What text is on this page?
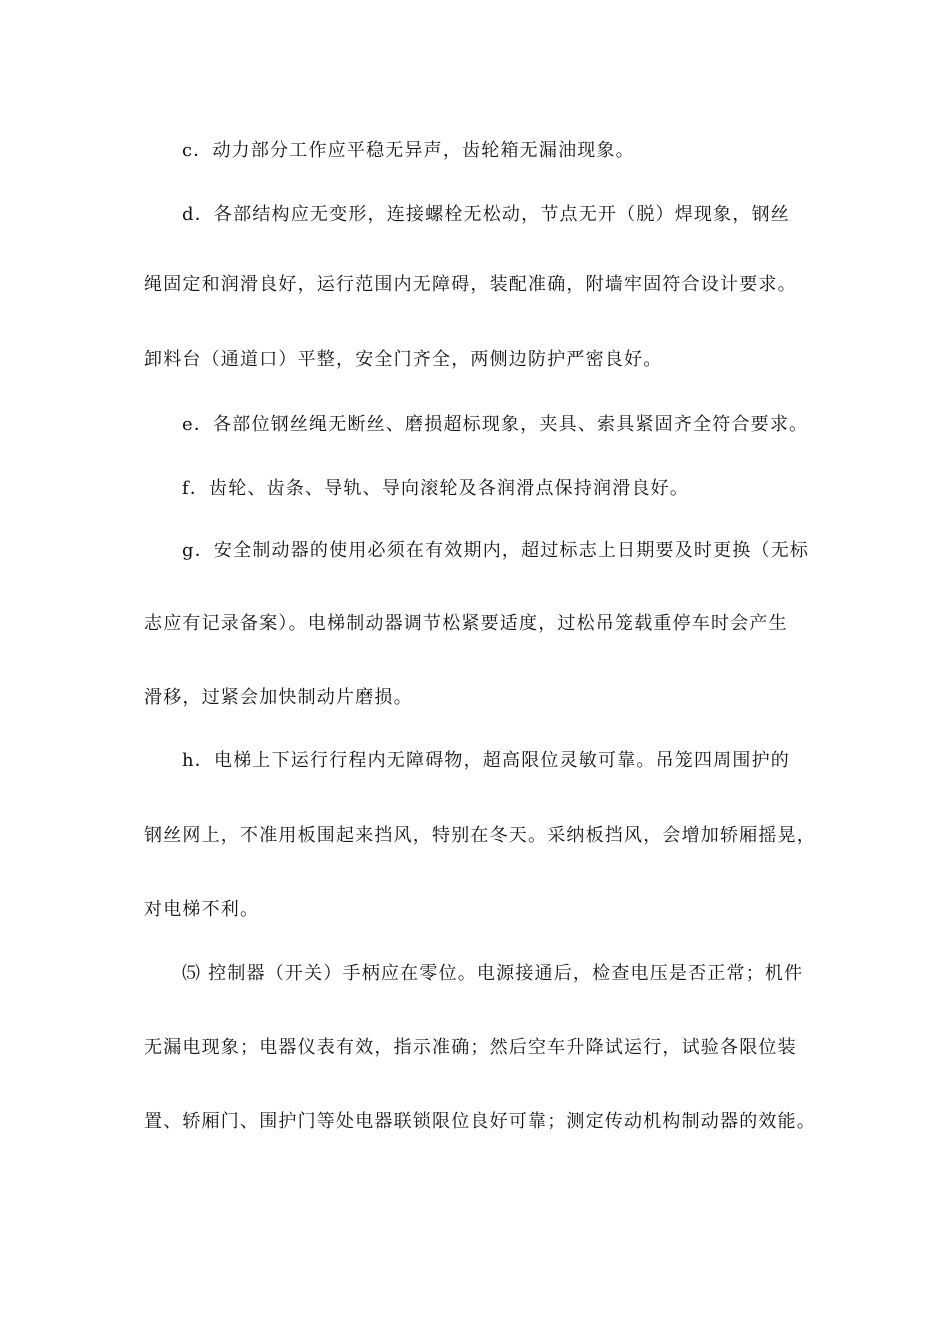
c．动力部分工作应平稳无异声，齿轮箱无漏油现象。
d．各部结构应无变形，连接螺栓无松动，节点无开（脱）焊现象，钢丝
绳固定和润滑良好，运行范围内无障碍，装配准确，附墙牢固符合设计要求。
卸料台（通道口）平整，安全门齐全，两侧边防护严密良好。
e．各部位钢丝绳无断丝、磨损超标现象，夹具、索具紧固齐全符合要求。
f．齿轮、齿条、导轨、导向滚轮及各润滑点保持润滑良好。
g．安全制动器的使用必须在有效期内，超过标志上日期要及时更换（无标
志应有记录备案）。电梯制动器调节松紧要适度，过松吊笼载重停车时会产生
滑移，过紧会加快制动片磨损。
h．电梯上下运行行程内无障碍物，超高限位灵敏可靠。吊笼四周围护的
钢丝网上，不准用板围起来挡风，特别在冬天。采纳板挡风，会增加轿厢摇晃，
对电梯不利。
⑸ 控制器（开关）手柄应在零位。电源接通后，检查电压是否正常；机件
无漏电现象；电器仪表有效，指示准确；然后空车升降试运行，试验各限位装
置、轿厢门、围护门等处电器联锁限位良好可靠；测定传动机构制动器的效能。
